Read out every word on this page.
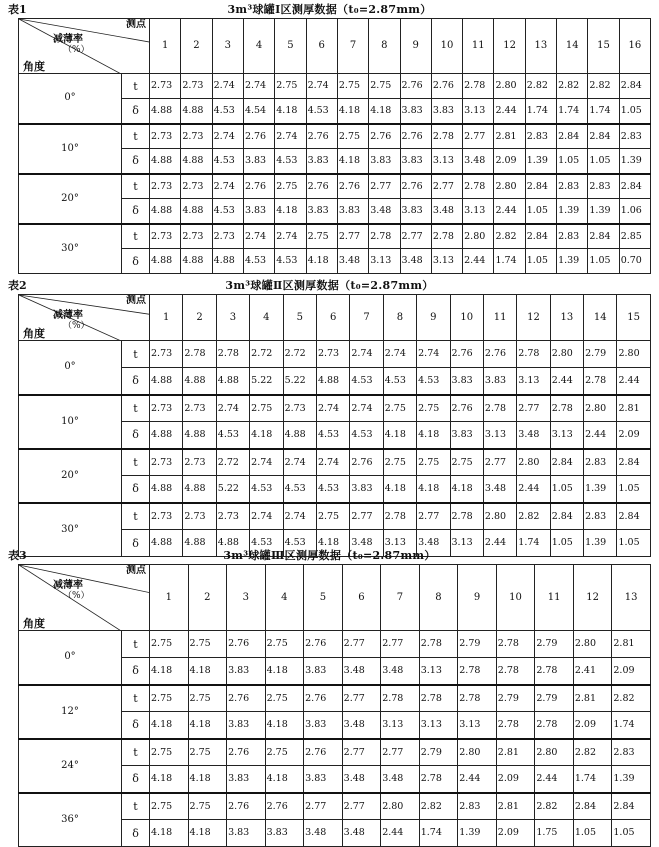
表1	3m³球罐Ⅰ区测厚数据（t₀=2.87mm）
测点
减薄率
（%）
角度		1	2	3	4	5	6	7	8	9	10	11	12	13	14	15	16
0°	t	2.73	2.73	2.74	2.74	2.75	2.74	2.75	2.75	2.76	2.76	2.78	2.80	2.82	2.82	2.82	2.84
	δ	4.88	4.88	4.53	4.54	4.18	4.53	4.18	4.18	3.83	3.83	3.13	2.44	1.74	1.74	1.74	1.05
10°	t	2.73	2.73	2.74	2.76	2.74	2.76	2.75	2.76	2.76	2.78	2.77	2.81	2.83	2.84	2.84	2.83
	δ	4.88	4.88	4.53	3.83	4.53	3.83	4.18	3.83	3.83	3.13	3.48	2.09	1.39	1.05	1.05	1.39
20°	t	2.73	2.73	2.74	2.76	2.75	2.76	2.76	2.77	2.76	2.77	2.78	2.80	2.84	2.83	2.83	2.84
	δ	4.88	4.88	4.53	3.83	4.18	3.83	3.83	3.48	3.83	3.48	3.13	2.44	1.05	1.39	1.39	1.06
30°	t	2.73	2.73	2.73	2.74	2.74	2.75	2.77	2.78	2.77	2.78	2.80	2.82	2.84	2.83	2.84	2.85
	δ	4.88	4.88	4.88	4.53	4.53	4.18	3.48	3.13	3.48	3.13	2.44	1.74	1.05	1.39	1.05	0.70
表2	3m³球罐Ⅱ区测厚数据（t₀=2.87mm）
测点
减薄率
（%）
角度		1	2	3	4	5	6	7	8	9	10	11	12	13	14	15
0°	t	2.73	2.78	2.78	2.72	2.72	2.73	2.74	2.74	2.74	2.76	2.76	2.78	2.80	2.79	2.80
	δ	4.88	4.88	4.88	5.22	5.22	4.88	4.53	4.53	4.53	3.83	3.83	3.13	2.44	2.78	2.44
10°	t	2.73	2.73	2.74	2.75	2.73	2.74	2.74	2.75	2.75	2.76	2.78	2.77	2.78	2.80	2.81
	δ	4.88	4.88	4.53	4.18	4.88	4.53	4.53	4.18	4.18	3.83	3.13	3.48	3.13	2.44	2.09
20°	t	2.73	2.73	2.72	2.74	2.74	2.74	2.76	2.75	2.75	2.75	2.77	2.80	2.84	2.83	2.84
	δ	4.88	4.88	5.22	4.53	4.53	4.53	3.83	4.18	4.18	4.18	3.48	2.44	1.05	1.39	1.05
30°	t	2.73	2.73	2.73	2.74	2.74	2.75	2.77	2.78	2.77	2.78	2.80	2.82	2.84	2.83	2.84
	δ	4.88	4.88	4.88	4.53	4.53	4.18	3.48	3.13	3.48	3.13	2.44	1.74	1.05	1.39	1.05
表3	3m³球罐Ⅲ区测厚数据（t₀=2.87mm）
测点
减薄率
（%）
角度		1	2	3	4	5	6	7	8	9	10	11	12	13
0°	t	2.75	2.75	2.76	2.75	2.76	2.77	2.77	2.78	2.79	2.78	2.79	2.80	2.81
	δ	4.18	4.18	3.83	4.18	3.83	3.48	3.48	3.13	2.78	2.78	2.78	2.41	2.09
12°	t	2.75	2.75	2.76	2.75	2.76	2.77	2.78	2.78	2.78	2.79	2.79	2.81	2.82
	δ	4.18	4.18	3.83	4.18	3.83	3.48	3.13	3.13	3.13	2.78	2.78	2.09	1.74
24°	t	2.75	2.75	2.76	2.75	2.76	2.77	2.77	2.79	2.80	2.81	2.80	2.82	2.83
	δ	4.18	4.18	3.83	4.18	3.83	3.48	3.48	2.78	2.44	2.09	2.44	1.74	1.39
36°	t	2.75	2.75	2.76	2.76	2.77	2.77	2.80	2.82	2.83	2.81	2.82	2.84	2.84
	δ	4.18	4.18	3.83	3.83	3.48	3.48	2.44	1.74	1.39	2.09	1.75	1.05	1.05
